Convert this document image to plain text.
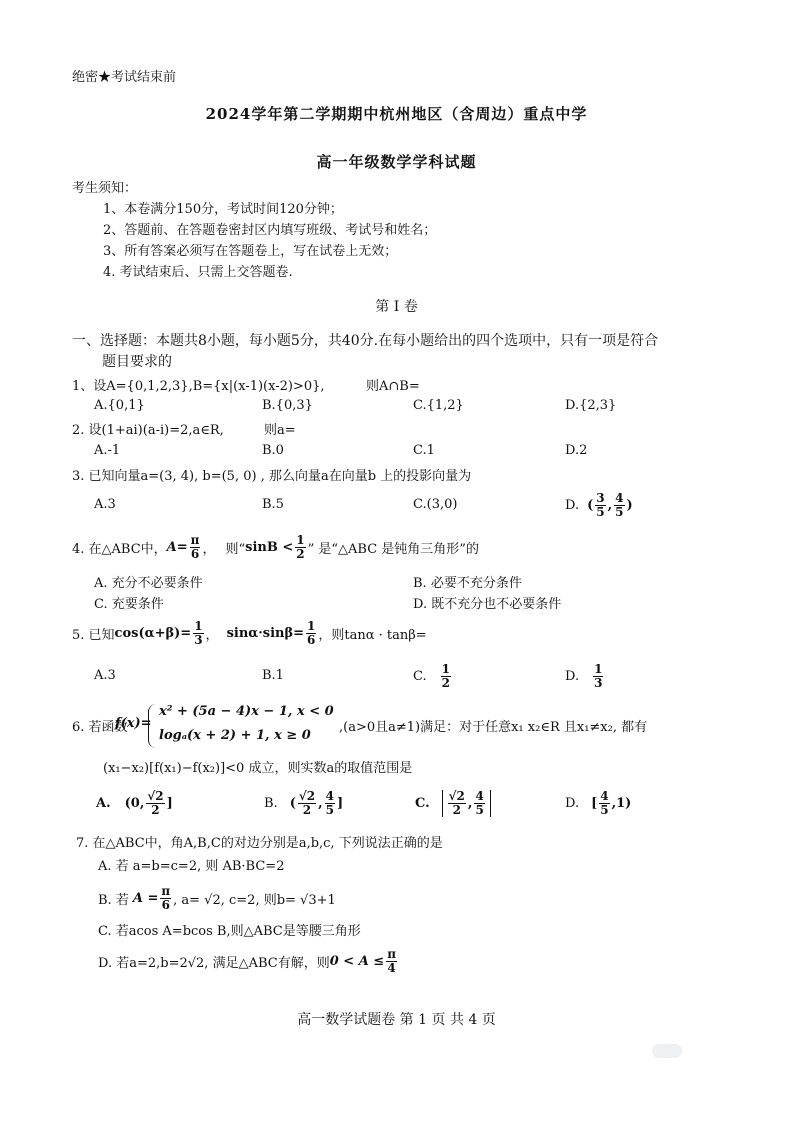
绝密★考试结束前
2024学年第二学期期中杭州地区（含周边）重点中学
高一年级数学学科试题
考生须知：
1、本卷满分150分，考试时间120分钟；
2、答题前、在答题卷密封区内填写班级、考试号和姓名；
3、所有答案必须写在答题卷上，写在试卷上无效；
4. 考试结束后、只需上交答题卷.
第 I 卷
一、选择题：本题共8小题，每小题5分，共40分.在每小题给出的四个选项中，只有一项是符合
题目要求的
1、设A={0,1,2,3},B={x|(x-1)(x-2)>0},	则A∩B=
A.{0,1}	B.{0,3}	C.{1,2}	D.{2,3}
2. 设(1+ai)(a-i)=2,a∈R,	则a=
A.-1	B.0	C.1	D.2
3. 已知向量a=(3, 4), b=(5, 0) , 那么向量a在向量b 上的投影向量为
A.3	B.5	C.(3,0)	D. ( $\frac{3}{5}$ , $\frac{4}{5}$ )
4. 在△ABC中， $A = \frac{\pi}{6}$ ， 则“ $\sin B < \frac{1}{2}$ ” 是“△ABC 是钝角三角形”的
A. 充分不必要条件	B. 必要不充分条件
C. 充要条件	D. 既不充分也不必要条件
5. 已知 $\cos(\alpha+\beta)= \frac{1}{3}$ ， $\sin\alpha\cdot\sin\beta= \frac{1}{6}$ ，则tanα · tanβ=
A.3	B.1	C. $\frac{1}{2}$	D. $\frac{1}{3}$
6. 若函数
f(x)=
x² + (5a − 4)x − 1, x < 0
logₐ(x + 2) + 1, x ≥ 0
,(a>0且a≠1)满足：对于任意x₁ x₂∈R 且x₁≠x₂, 都有
(x₁−x₂)[f(x₁)−f(x₂)]<0 成立，则实数a的取值范围是
A. (0, $\frac{√2}{2}$ ]	B. ( $\frac{√2}{2}$ , $\frac{4}{5}$ ]	C. $\frac{√2}{2}$ , $\frac{4}{5}$	D. [ $\frac{4}{5} ,1$)
7. 在△ABC中，角A,B,C的对边分别是a,b,c, 下列说法正确的是
A. 若 a=b=c=2, 则 AB·BC=2
B. 若 $A = \frac{\pi}{6}$ , a= √2, c=2, 则b= √3+1
C. 若acos A=bcos B,则△ABC是等腰三角形
D. 若a=2,b=2√2, 满足△ABC有解，则 $0 < A \le \frac{\pi}{4}$
高一数学试题卷 第 1 页 共 4 页
